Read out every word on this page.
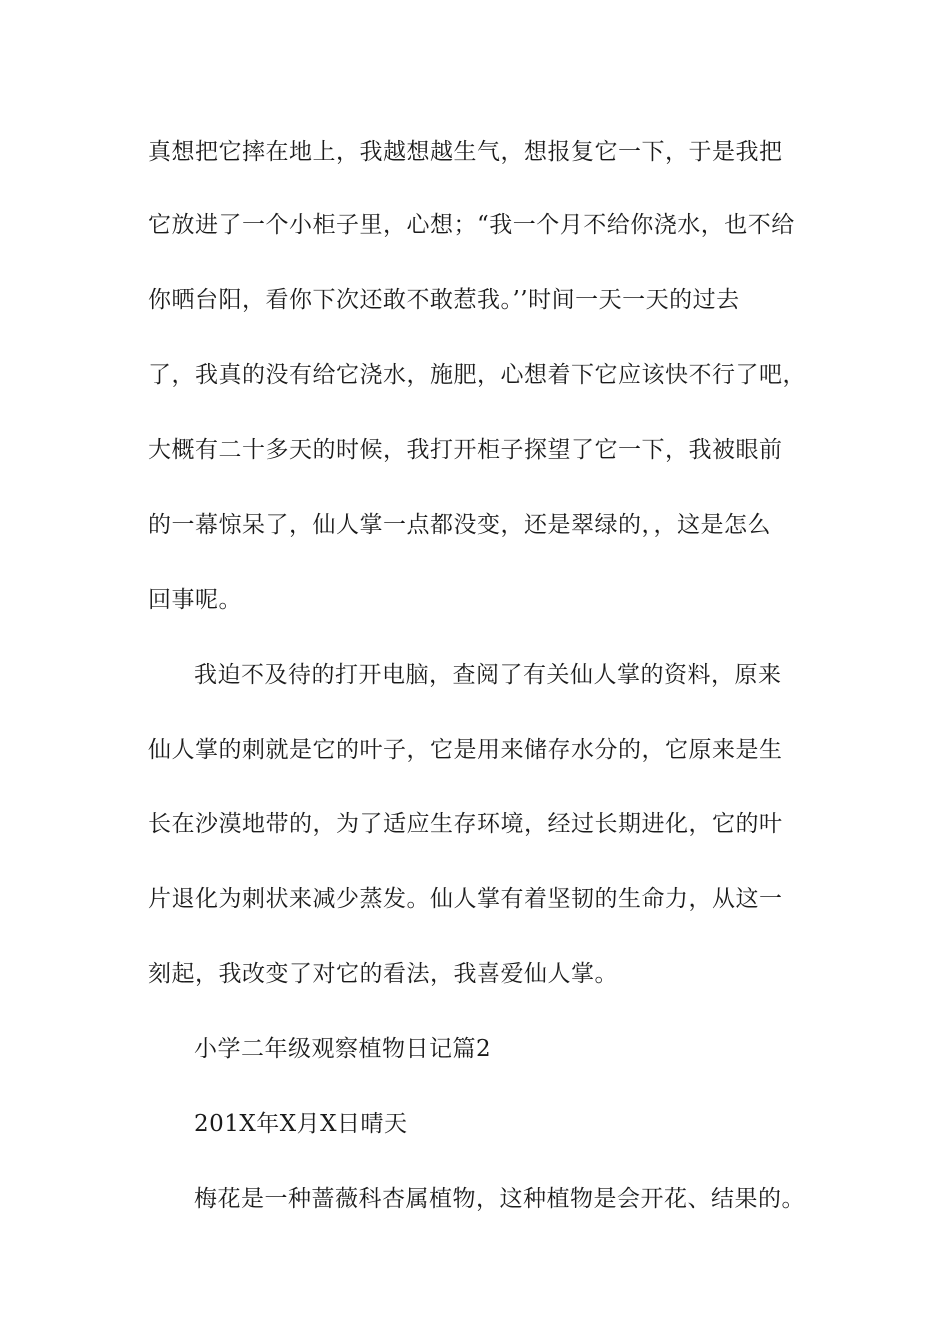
真想把它摔在地上，我越想越生气，想报复它一下，于是我把
它放进了一个小柜子里，心想；“我一个月不给你浇水，也不给
你晒台阳，看你下次还敢不敢惹我。’’时间一天一天的过去
了，我真的没有给它浇水，施肥，心想着下它应该快不行了吧，
大概有二十多天的时候，我打开柜子探望了它一下，我被眼前
的一幕惊呆了，仙人掌一点都没变，还是翠绿的，，这是怎么
回事呢。
我迫不及待的打开电脑，查阅了有关仙人掌的资料，原来
仙人掌的刺就是它的叶子，它是用来储存水分的，它原来是生
长在沙漠地带的，为了适应生存环境，经过长期进化，它的叶
片退化为刺状来减少蒸发。仙人掌有着坚韧的生命力，从这一
刻起，我改变了对它的看法，我喜爱仙人掌。
小学二年级观察植物日记篇2
201X年X月X日晴天
梅花是一种蔷薇科杏属植物，这种植物是会开花、结果的。
